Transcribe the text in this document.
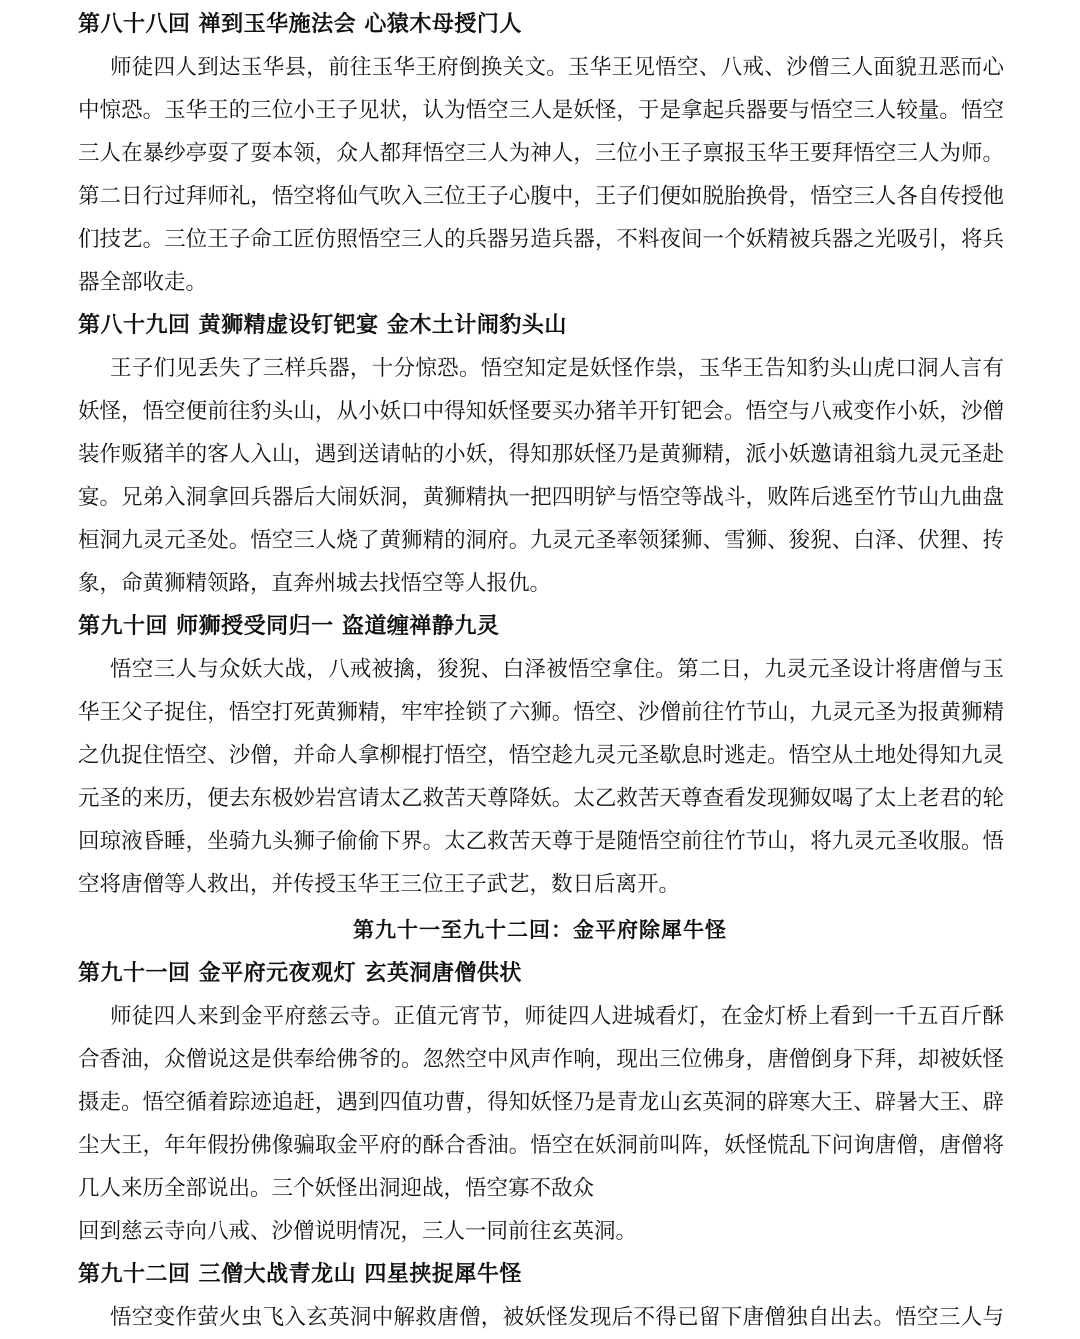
第八十八回 禅到玉华施法会 心猿木母授门人
师徒四人到达玉华县，前往玉华王府倒换关文。玉华王见悟空、八戒、沙僧三人面貌丑恶而心
中惊恐。玉华王的三位小王子见状，认为悟空三人是妖怪，于是拿起兵器要与悟空三人较量。悟空
三人在暴纱亭耍了耍本领，众人都拜悟空三人为神人，三位小王子禀报玉华王要拜悟空三人为师。
第二日行过拜师礼，悟空将仙气吹入三位王子心腹中，王子们便如脱胎换骨，悟空三人各自传授他
们技艺。三位王子命工匠仿照悟空三人的兵器另造兵器，不料夜间一个妖精被兵器之光吸引，将兵
器全部收走。
第八十九回 黄狮精虚设钉钯宴 金木土计闹豹头山
王子们见丢失了三样兵器，十分惊恐。悟空知定是妖怪作祟，玉华王告知豹头山虎口洞人言有
妖怪，悟空便前往豹头山，从小妖口中得知妖怪要买办猪羊开钉钯会。悟空与八戒变作小妖，沙僧
装作贩猪羊的客人入山，遇到送请帖的小妖，得知那妖怪乃是黄狮精，派小妖邀请祖翁九灵元圣赴
宴。兄弟入洞拿回兵器后大闹妖洞，黄狮精执一把四明铲与悟空等战斗，败阵后逃至竹节山九曲盘
桓洞九灵元圣处。悟空三人烧了黄狮精的洞府。九灵元圣率领猱狮、雪狮、狻猊、白泽、伏狸、抟
象，命黄狮精领路，直奔州城去找悟空等人报仇。
第九十回 师狮授受同归一 盗道缠禅静九灵
悟空三人与众妖大战，八戒被擒，狻猊、白泽被悟空拿住。第二日，九灵元圣设计将唐僧与玉
华王父子捉住，悟空打死黄狮精，牢牢拴锁了六狮。悟空、沙僧前往竹节山，九灵元圣为报黄狮精
之仇捉住悟空、沙僧，并命人拿柳棍打悟空，悟空趁九灵元圣歇息时逃走。悟空从土地处得知九灵
元圣的来历，便去东极妙岩宫请太乙救苦天尊降妖。太乙救苦天尊查看发现狮奴喝了太上老君的轮
回琼液昏睡，坐骑九头狮子偷偷下界。太乙救苦天尊于是随悟空前往竹节山，将九灵元圣收服。悟
空将唐僧等人救出，并传授玉华王三位王子武艺，数日后离开。
第九十一至九十二回：金平府除犀牛怪
第九十一回 金平府元夜观灯 玄英洞唐僧供状
师徒四人来到金平府慈云寺。正值元宵节，师徒四人进城看灯，在金灯桥上看到一千五百斤酥
合香油，众僧说这是供奉给佛爷的。忽然空中风声作响，现出三位佛身，唐僧倒身下拜，却被妖怪
摄走。悟空循着踪迹追赶，遇到四值功曹，得知妖怪乃是青龙山玄英洞的辟寒大王、辟暑大王、辟
尘大王，年年假扮佛像骗取金平府的酥合香油。悟空在妖洞前叫阵，妖怪慌乱下问询唐僧，唐僧将
几人来历全部说出。三个妖怪出洞迎战，悟空寡不敌众
回到慈云寺向八戒、沙僧说明情况，三人一同前往玄英洞。
第九十二回 三僧大战青龙山 四星挟捉犀牛怪
悟空变作萤火虫飞入玄英洞中解救唐僧，被妖怪发现后不得已留下唐僧独自出去。悟空三人与
